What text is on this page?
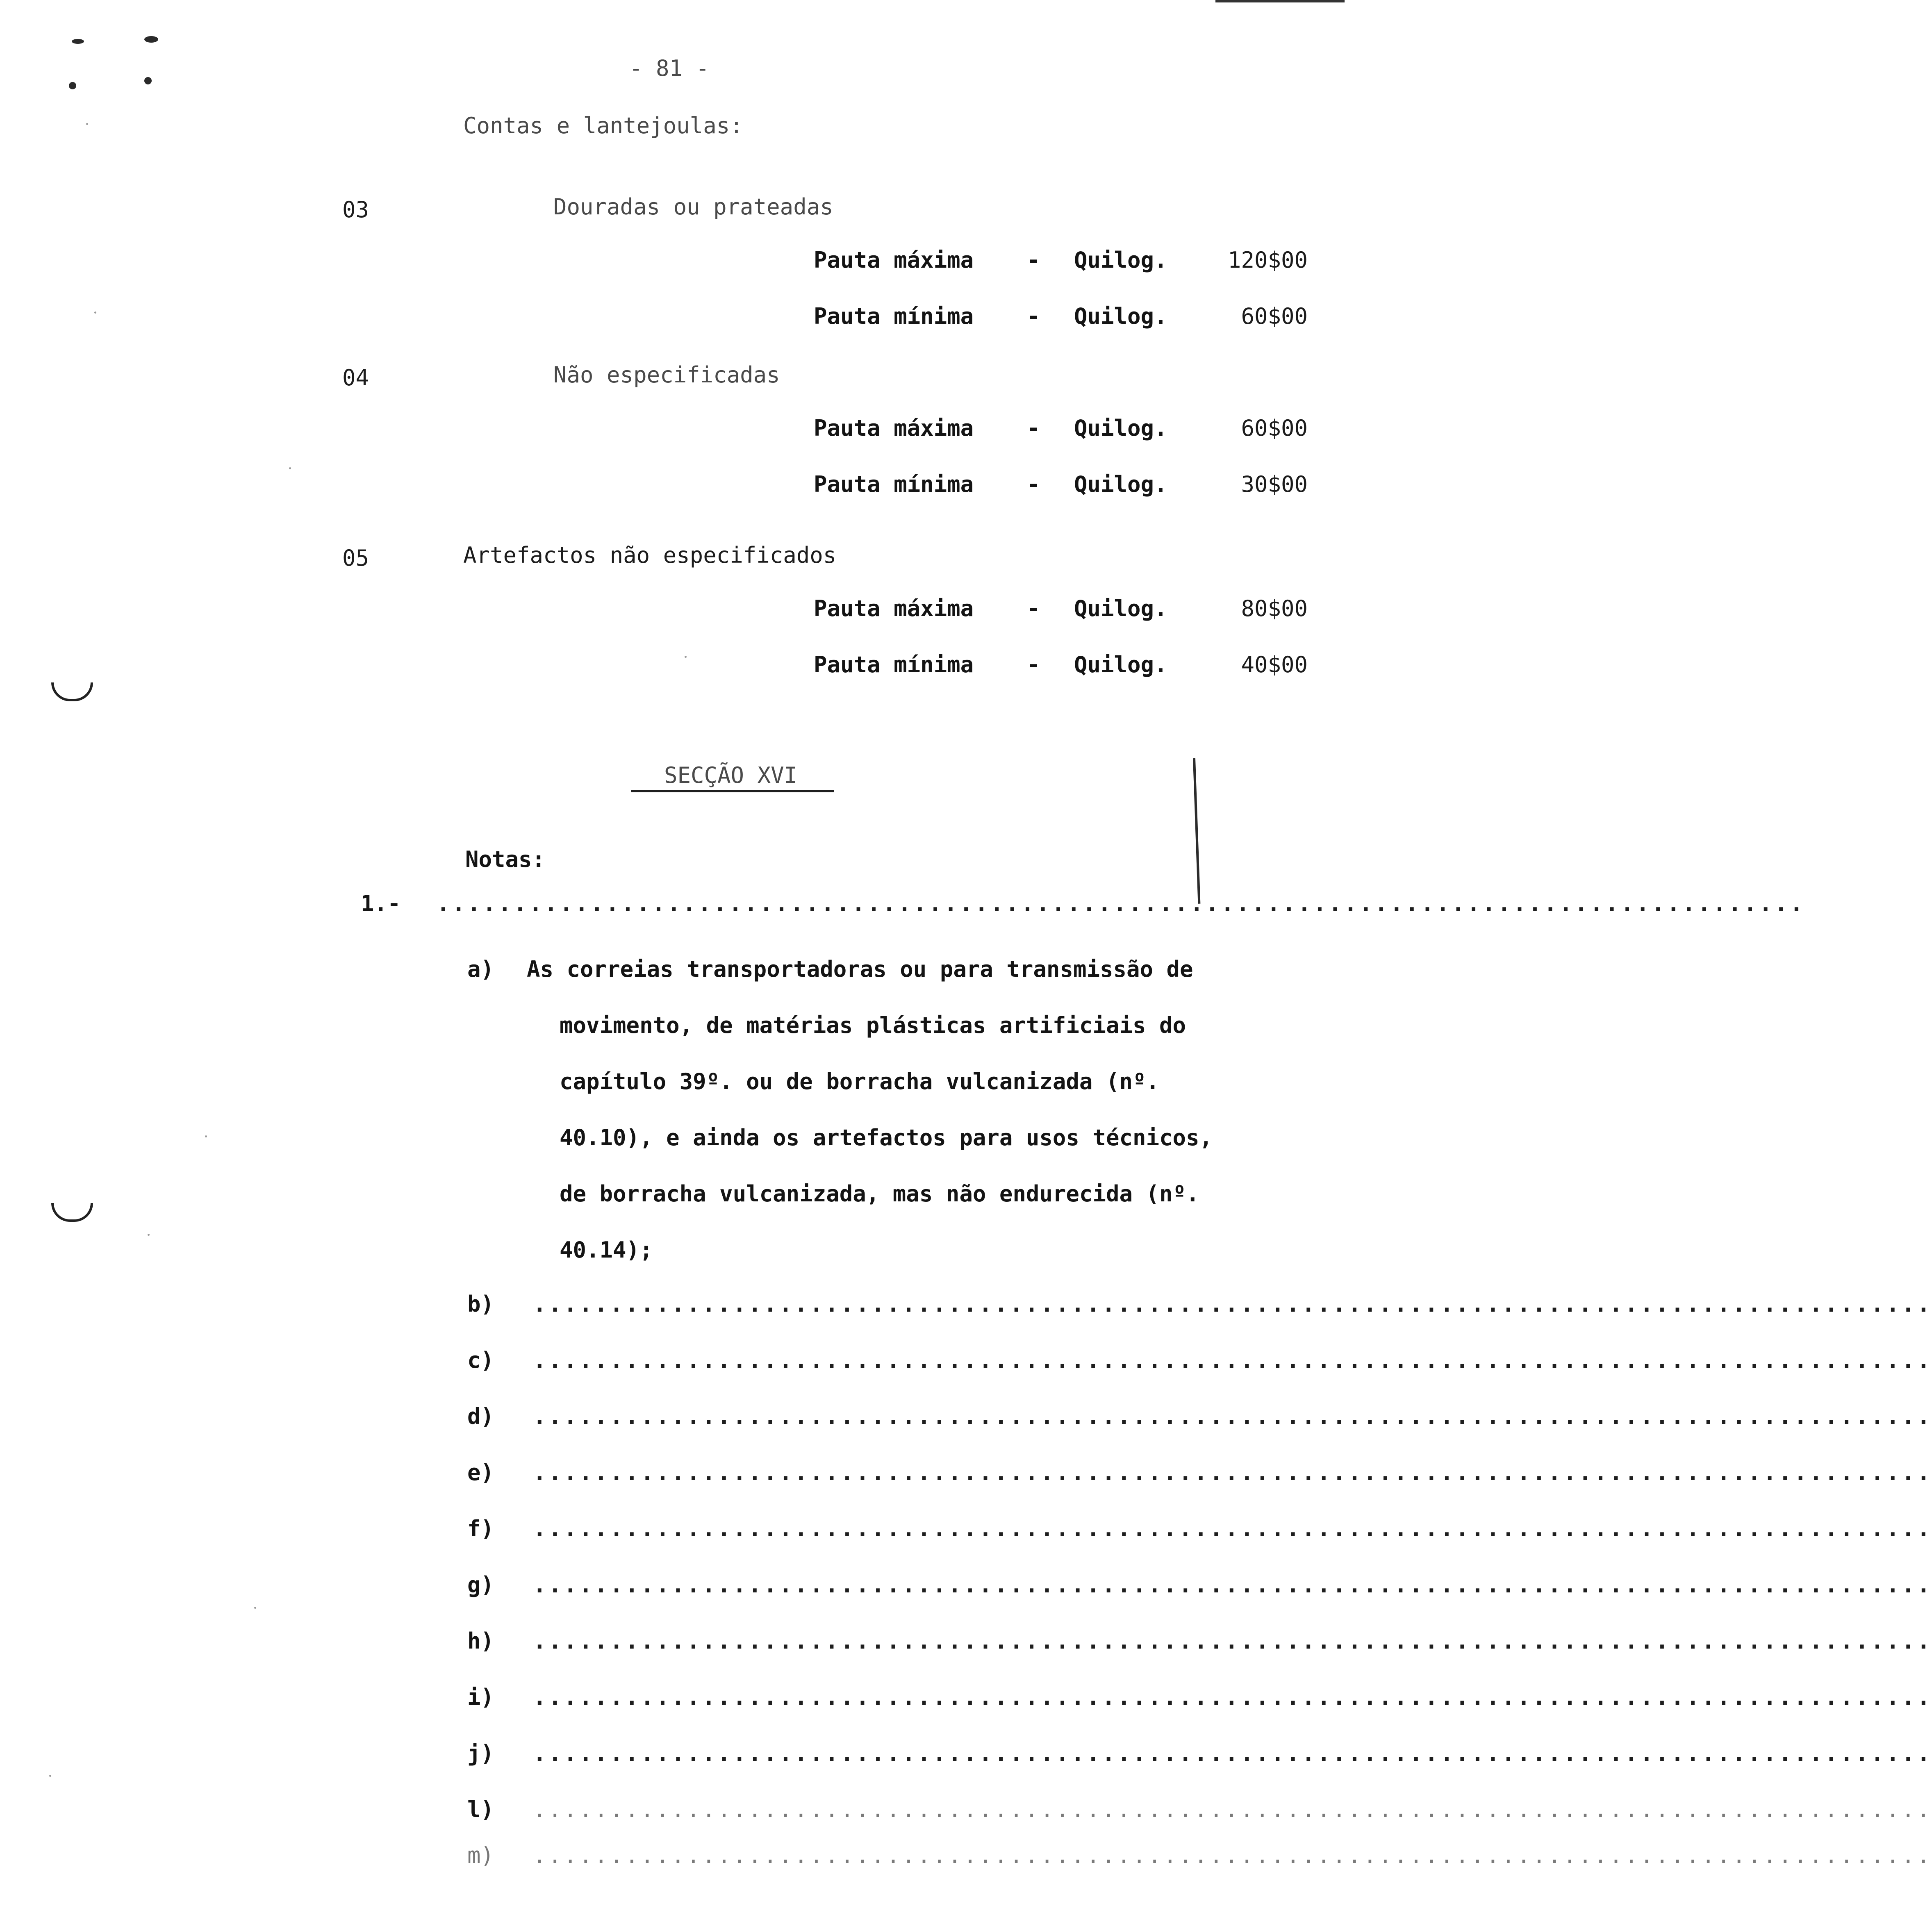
- 81 -
Contas e lantejoulas:
03	Douradas ou prateadas
Pauta máxima - Quilog.	120$00
Pauta mínima - Quilog.	60$00
04	Não especificadas
Pauta máxima - Quilog.	60$00
Pauta mínima - Quilog.	30$00
05	Artefactos não especificados
Pauta máxima - Quilog.	80$00
Pauta mínima - Quilog.	40$00
SECÇÃO XVI
Notas:
1.- .........................................................................................
a) As correias transportadoras ou para transmissão de
movimento, de matérias plásticas artificiais do
capítulo 39º. ou de borracha vulcanizada (nº.
40.10), e ainda os artefactos para usos técnicos,
de borracha vulcanizada, mas não endurecida (nº.
40.14);
b) ...........................................................................................
c) ...........................................................................................
d) ...........................................................................................
e) ...........................................................................................
f) ...........................................................................................
g) ...........................................................................................
h) ...........................................................................................
i) ...........................................................................................
j) ...........................................................................................
l) ...........................................................................................
m) ...........................................................................................
